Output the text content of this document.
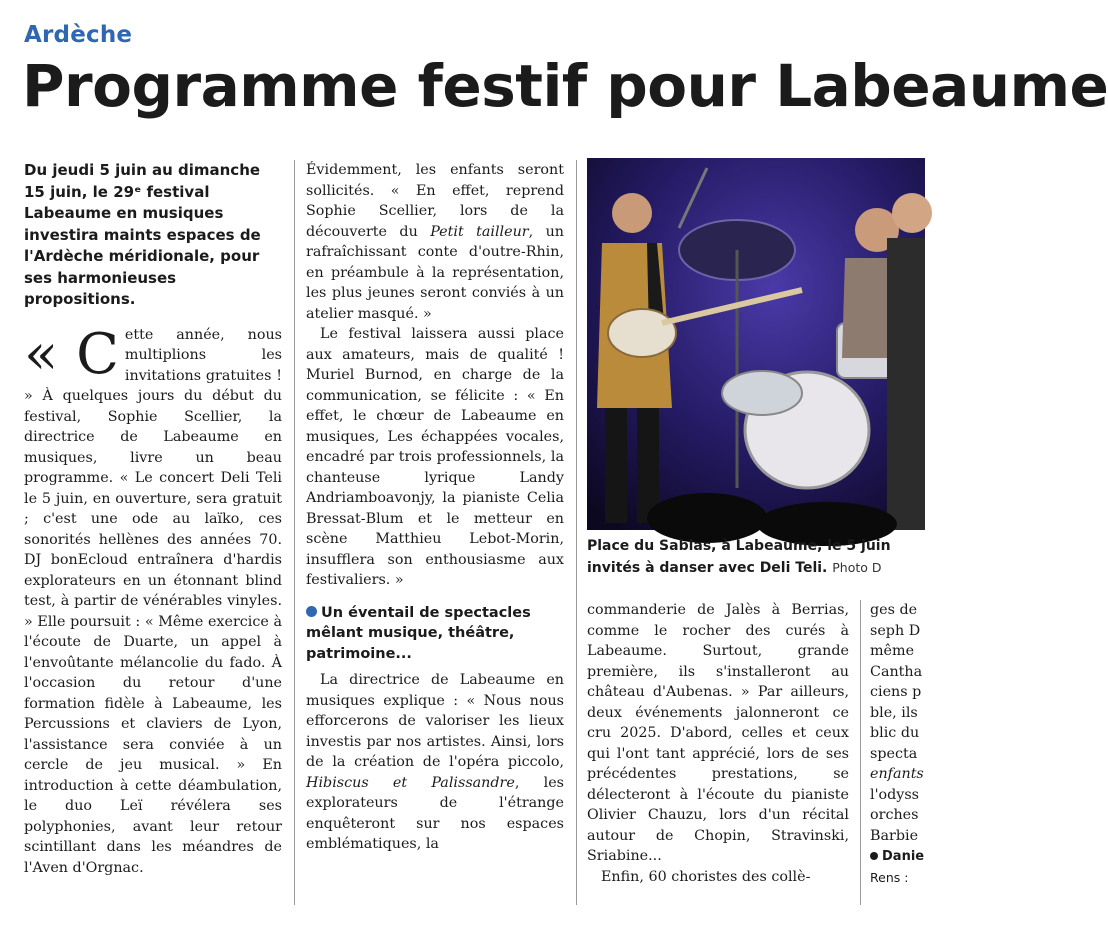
Ardèche
Programme festif pour Labeaume

Du jeudi 5 juin au dimanche 15 juin, le 29ᵉ festival Labeaume en musiques investira maints espaces de l'Ardèche méridionale, pour ses harmonieuses propositions.

« C ette année, nous multiplions les invitations gratuites ! » À quelques jours du début du festival, Sophie Scellier, la directrice de Labeaume en musiques, livre un beau programme. « Le concert Deli Teli le 5 juin, en ouverture, sera gratuit ; c'est une ode au laïko, ces sonorités hellènes des années 70. DJ bonEcloud entraînera d'hardis explorateurs en un étonnant blind test, à partir de vénérables vinyles. » Elle poursuit : « Même exercice à l'écoute de Duarte, un appel à l'envoûtante mélancolie du fado. À l'occasion du retour d'une formation fidèle à Labeaume, les Percussions et claviers de Lyon, l'assistance sera conviée à un cercle de jeu musical. » En introduction à cette déambulation, le duo Leï révélera ses polyphonies, avant leur retour scintillant dans les méandres de l'Aven d'Orgnac.

Évidemment, les enfants seront sollicités. « En effet, reprend Sophie Scellier, lors de la découverte du Petit tailleur, un rafraîchissant conte d'outre-Rhin, en préambule à la représentation, les plus jeunes seront conviés à un atelier masqué. »

Le festival laissera aussi place aux amateurs, mais de qualité ! Muriel Burnod, en charge de la communication, se félicite : « En effet, le chœur de Labeaume en musiques, Les échappées vocales, encadré par trois professionnels, la chanteuse lyrique Landy Andriamboavonjy, la pianiste Celia Bressat-Blum et le metteur en scène Matthieu Lebot-Morin, insufflera son enthousiasme aux festivaliers. »

Un éventail de spectacles mêlant musique, théâtre, patrimoine...

La directrice de Labeaume en musiques explique : « Nous nous efforcerons de valoriser les lieux investis par nos artistes. Ainsi, lors de la création de l'opéra piccolo, Hibiscus et Palissandre, les explorateurs de l'étrange enquêteront sur nos espaces emblématiques, la

Place du Sablas, à Labeaume, le 5 juin
invités à danser avec Deli Teli. Photo D

commanderie de Jalès à Berrias, comme le rocher des curés à Labeaume. Surtout, grande première, ils s'installeront au château d'Aubenas. » Par ailleurs, deux événements jalonneront ce cru 2025. D'abord, celles et ceux qui l'ont tant apprécié, lors de ses précédentes prestations, se délecteront à l'écoute du pianiste Olivier Chauzu, lors d'un récital autour de Chopin, Stravinski, Sriabine...

Enfin, 60 choristes des collè-

ges de
seph D
même
Cantha
ciens p
ble, ils
blic du
specta
enfants
l'odyss
orches
Barbie
Danie
Rens :
